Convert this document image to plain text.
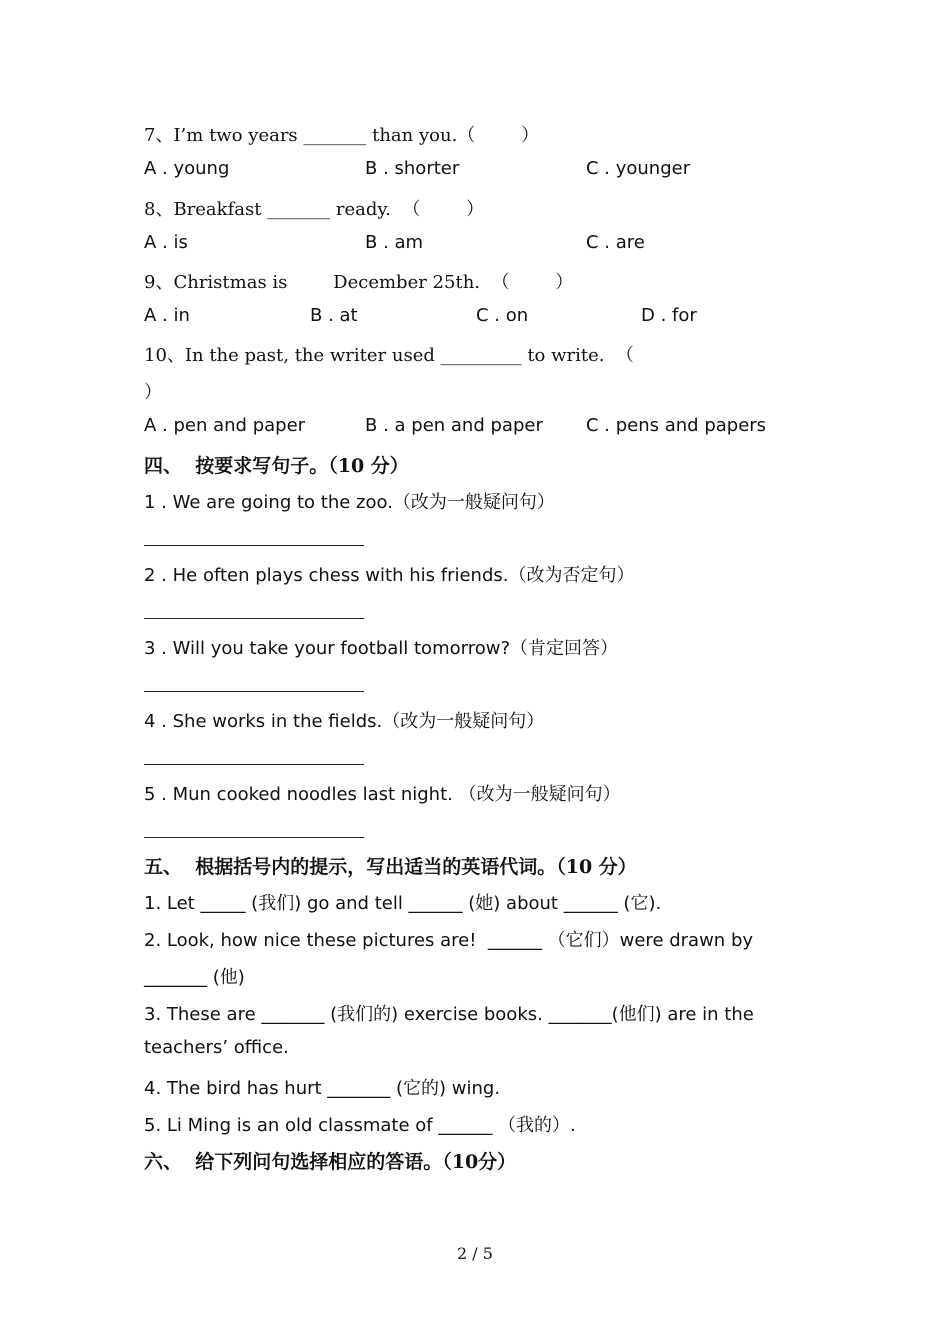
7、I’m two years _______ than you.（        ）
A . young	B . shorter	C . younger
8、Breakfast _______ ready.  （        ）
A . is	B . am	C . are
9、Christmas is        December 25th.  （        ）
A . in	B . at	C . on	D . for
10、In the past, the writer used _________ to write.  （
）
A . pen and paper	B . a pen and paper C . pens and papers
四、  按要求写句子。（10 分）
1 . We are going to the zoo.（改为一般疑问句）
2 . He often plays chess with his friends.（改为否定句）
3 . Will you take your football tomorrow?（肯定回答）
4 . She works in the fields.（改为一般疑问句）
5 . Mun cooked noodles last night. （改为一般疑问句）
五、  根据括号内的提示，写出适当的英语代词。（10 分）
1. Let _____ (我们) go and tell ______ (她) about ______ (它).
2. Look, how nice these pictures are!  ______ （它们）were drawn by
_______ (他)
3. These are _______ (我们的) exercise books. _______(他们) are in the
teachers’ office.
4. The bird has hurt _______ (它的) wing.
5. Li Ming is an old classmate of ______ （我的）.
六、  给下列问句选择相应的答语。（10分）
2 / 5
